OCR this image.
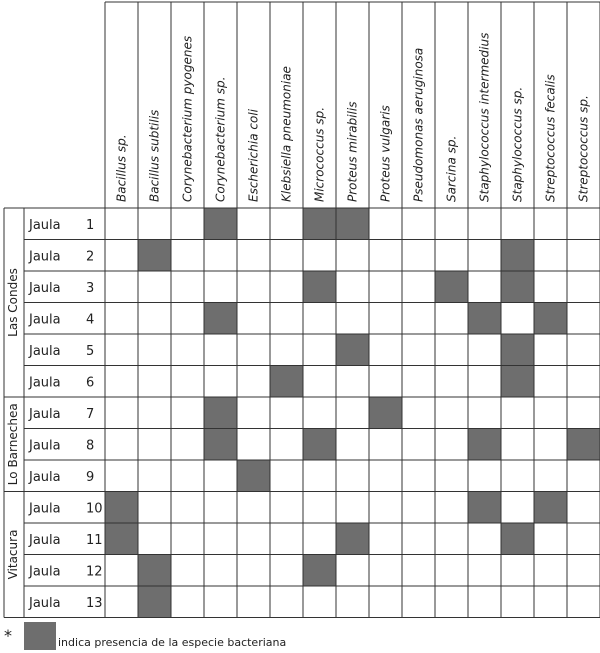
Bacillus sp. Bacillus subtilis Corynebacterium pyogenes Corynebacterium sp. Escherichia coli Klebsiella pneumoniae Micrococcus sp. Proteus mirabilis Proteus vulgaris Pseudomonas aeruginosa Sarcina sp. Staphylococcus intermedius Staphylococcus sp. Streptococcus fecalis Streptococcus sp.
Jaula 1
Jaula 2
Jaula 3
Jaula 4
Jaula 5
Jaula 6
Jaula 7
Jaula 8
Jaula 9
Jaula 10
Jaula 11
Jaula 12
Jaula 13
Las Condes
Lo Barnechea
Vitacura
*	indica presencia de la especie bacteriana
